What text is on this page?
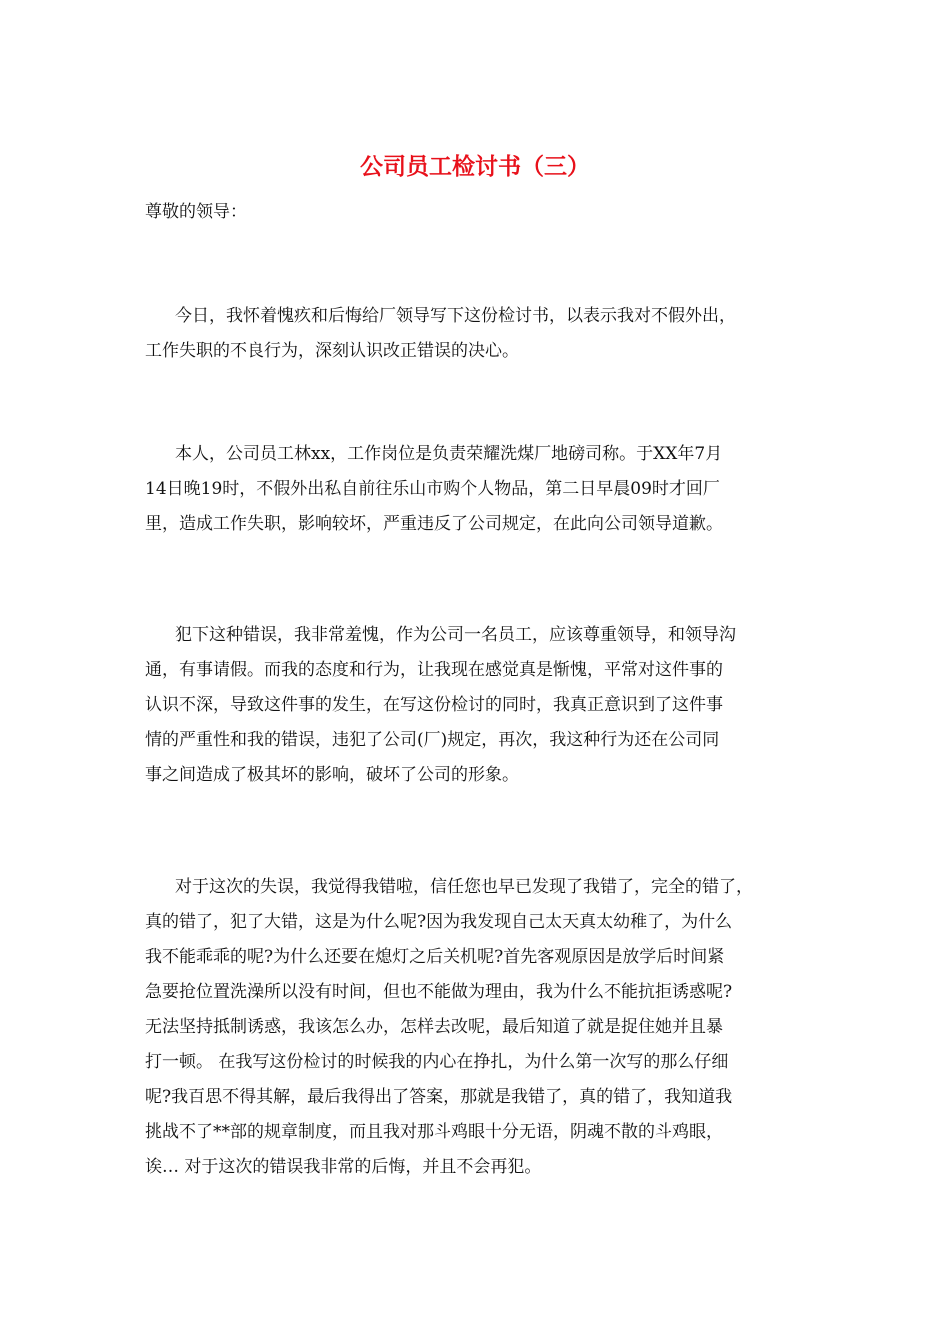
公司员工检讨书（三）

尊敬的领导：

今日，我怀着愧疚和后悔给厂领导写下这份检讨书，以表示我对不假外出，
工作失职的不良行为，深刻认识改正错误的决心。
本人，公司员工林xx，工作岗位是负责荣耀洗煤厂地磅司称。于XX年7月
14日晚19时，不假外出私自前往乐山市购个人物品，第二日早晨09时才回厂
里，造成工作失职，影响较坏，严重违反了公司规定，在此向公司领导道歉。
犯下这种错误，我非常羞愧，作为公司一名员工，应该尊重领导，和领导沟
通，有事请假。而我的态度和行为，让我现在感觉真是惭愧，平常对这件事的
认识不深，导致这件事的发生，在写这份检讨的同时，我真正意识到了这件事
情的严重性和我的错误，违犯了公司(厂)规定，再次，我这种行为还在公司同
事之间造成了极其坏的影响，破坏了公司的形象。
对于这次的失误，我觉得我错啦，信任您也早已发现了我错了，完全的错了，
真的错了，犯了大错，这是为什么呢?因为我发现自己太天真太幼稚了，为什么
我不能乖乖的呢?为什么还要在熄灯之后关机呢?首先客观原因是放学后时间紧
急要抢位置洗澡所以没有时间，但也不能做为理由，我为什么不能抗拒诱惑呢?
无法坚持抵制诱惑，我该怎么办，怎样去改呢，最后知道了就是捉住她并且暴
打一顿。 在我写这份检讨的时候我的内心在挣扎，为什么第一次写的那么仔细
呢?我百思不得其解，最后我得出了答案，那就是我错了，真的错了，我知道我
挑战不了**部的规章制度，而且我对那斗鸡眼十分无语，阴魂不散的斗鸡眼，
诶… 对于这次的错误我非常的后悔，并且不会再犯。
